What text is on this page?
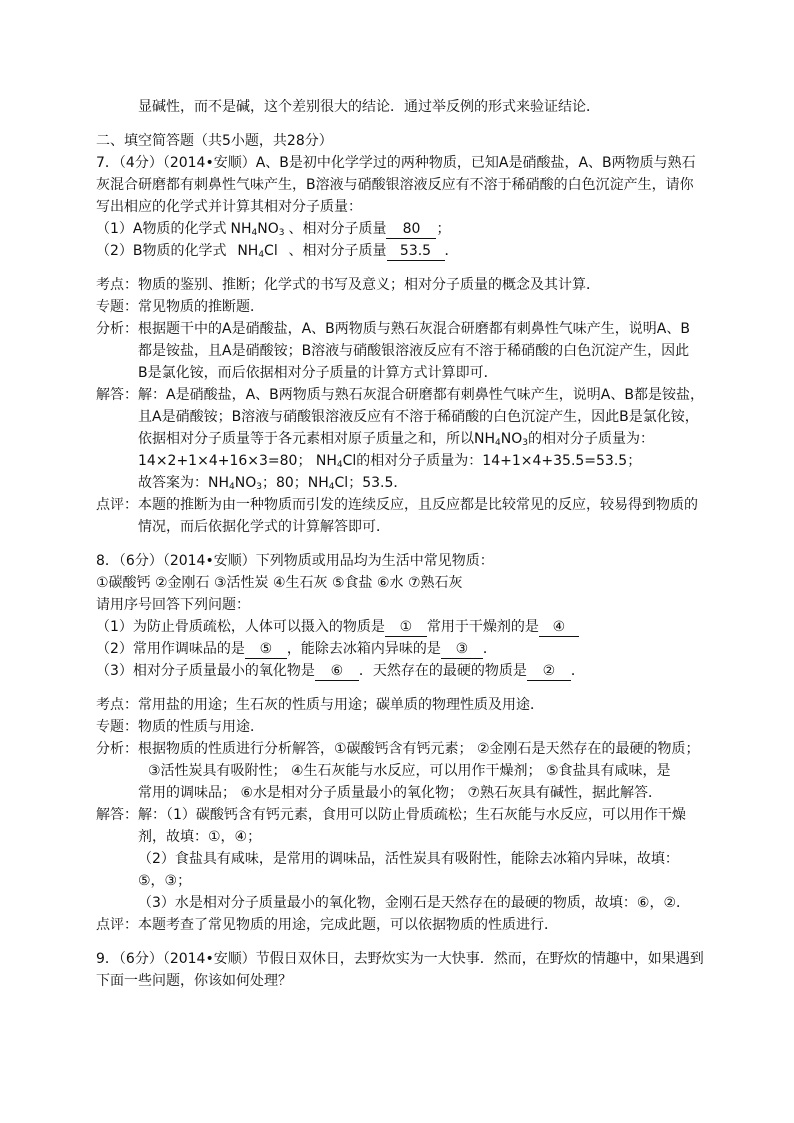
显碱性，而不是碱，这个差别很大的结论．通过举反例的形式来验证结论．
二、填空简答题（共5小题，共28分）
7．（4分）（2014•安顺）A、B是初中化学学过的两种物质，已知A是硝酸盐，A、B两物质与熟石
灰混合研磨都有刺鼻性气味产生，B溶液与硝酸银溶液反应有不溶于稀硝酸的白色沉淀产生，请你
写出相应的化学式并计算其相对分子质量：
（1）A物质的化学式 $NH_4NO_3$ 、相对分子质量 80 ；
（2）B物质的化学式 $NH_4Cl$ 、相对分子质量 53.5 ．
考点：物质的鉴别、推断；化学式的书写及意义；相对分子质量的概念及其计算．
专题：常见物质的推断题．
分析：根据题干中的A是硝酸盐，A、B两物质与熟石灰混合研磨都有刺鼻性气味产生，说明A、B
都是铵盐，且A是硝酸铵；B溶液与硝酸银溶液反应有不溶于稀硝酸的白色沉淀产生，因此
B是氯化铵，而后依据相对分子质量的计算方式计算即可．
解答：解：A是硝酸盐，A、B两物质与熟石灰混合研磨都有刺鼻性气味产生，说明A、B都是铵盐，
且A是硝酸铵；B溶液与硝酸银溶液反应有不溶于稀硝酸的白色沉淀产生，因此B是氯化铵，
依据相对分子质量等于各元素相对原子质量之和，所以$NH_4NO_3$的相对分子质量为：
14×2+1×4+16×3=80； $NH_4Cl$的相对分子质量为：14+1×4+35.5=53.5；
故答案为：$NH_4NO_3$；80；$NH_4Cl$；53.5．
点评：本题的推断为由一种物质而引发的连续反应，且反应都是比较常见的反应，较易得到物质的
情况，而后依据化学式的计算解答即可．
8．（6分）（2014•安顺）下列物质或用品均为生活中常见物质：
①碳酸钙 ②金刚石 ③活性炭 ④生石灰 ⑤食盐 ⑥水 ⑦熟石灰
请用序号回答下列问题：
（1）为防止骨质疏松，人体可以摄入的物质是 ① 常用于干燥剂的是 ④
（2）常用作调味品的是 ⑤ ，能除去冰箱内异味的是 ③ ．
（3）相对分子质量最小的氧化物是 ⑥ ．天然存在的最硬的物质是 ② ．
考点：常用盐的用途；生石灰的性质与用途；碳单质的物理性质及用途．
专题：物质的性质与用途．
分析：根据物质的性质进行分析解答，①碳酸钙含有钙元素； ②金刚石是天然存在的最硬的物质；
③活性炭具有吸附性； ④生石灰能与水反应，可以用作干燥剂； ⑤食盐具有咸味，是
常用的调味品； ⑥水是相对分子质量最小的氧化物； ⑦熟石灰具有碱性，据此解答．
解答：解：（1）碳酸钙含有钙元素，食用可以防止骨质疏松；生石灰能与水反应，可以用作干燥
剂，故填：①，④；
（2）食盐具有咸味，是常用的调味品，活性炭具有吸附性，能除去冰箱内异味，故填：
⑤，③；
（3）水是相对分子质量最小的氧化物，金刚石是天然存在的最硬的物质，故填：⑥，②．
点评：本题考查了常见物质的用途，完成此题，可以依据物质的性质进行．
9．（6分）（2014•安顺）节假日双休日，去野炊实为一大快事．然而，在野炊的情趣中，如果遇到
下面一些问题，你该如何处理？
